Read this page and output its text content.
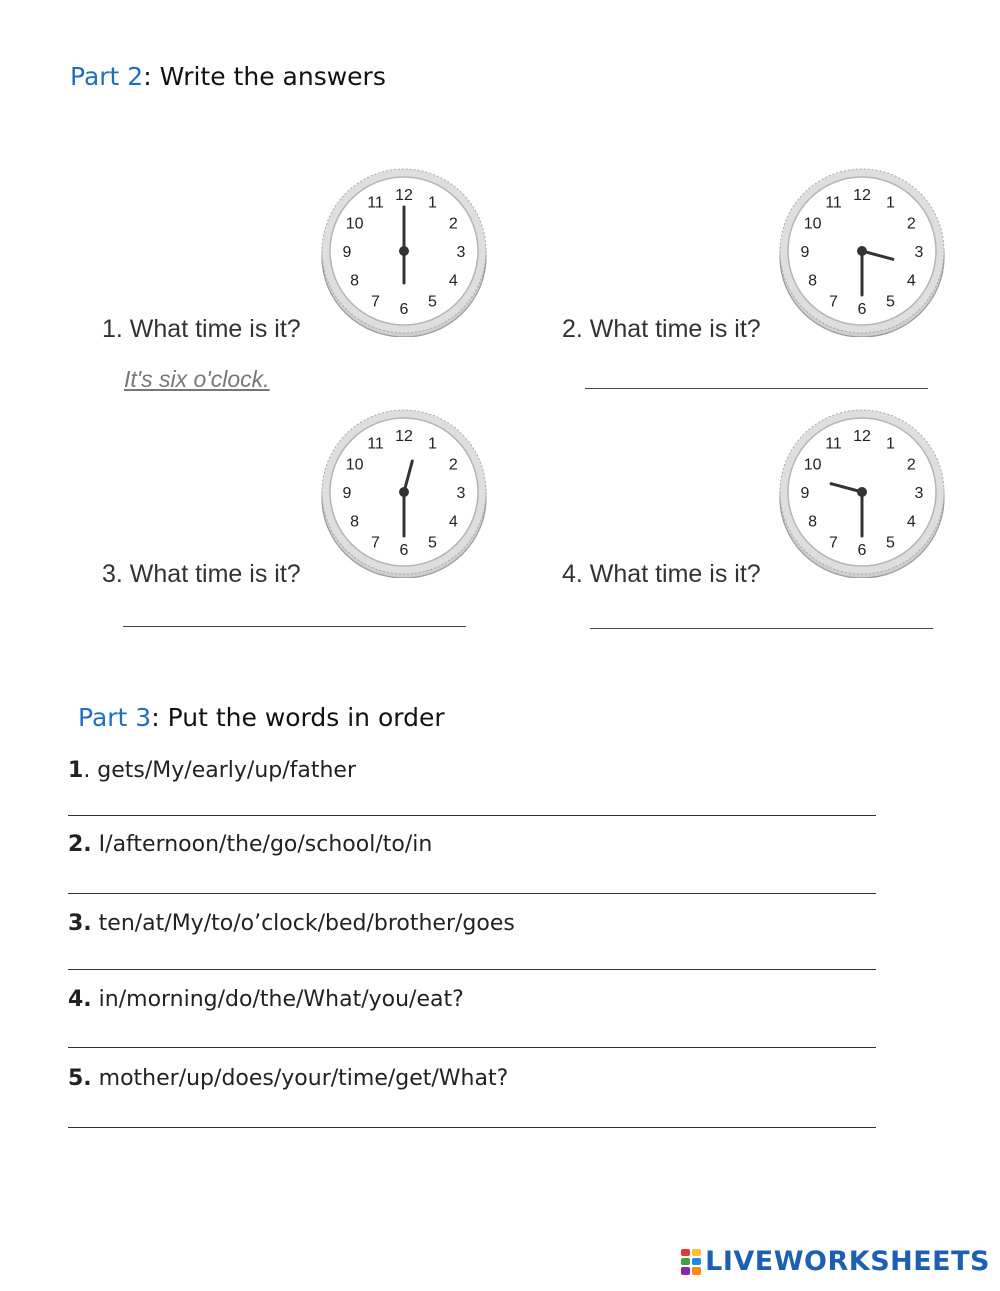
Part 2: Write the answers
12 1
2
3
4
5
6
7
8
9
10
11	12 1
2
3
4
5
6
7
8
9
10
11
12 1
2
3
4
5
6
7
8
9
10
11	12 1
2
3
4
5
6
7
8
9
10
11
1. What time is it?
It's six o'clock.
2. What time is it?
3. What time is it?	4. What time is it?
Part 3: Put the words in order
1. gets/My/early/up/father
2. I/afternoon/the/go/school/to/in
3. ten/at/My/to/o’clock/bed/brother/goes
4. in/morning/do/the/What/you/eat?
5. mother/up/does/your/time/get/What?
LIVEWORKSHEETS
